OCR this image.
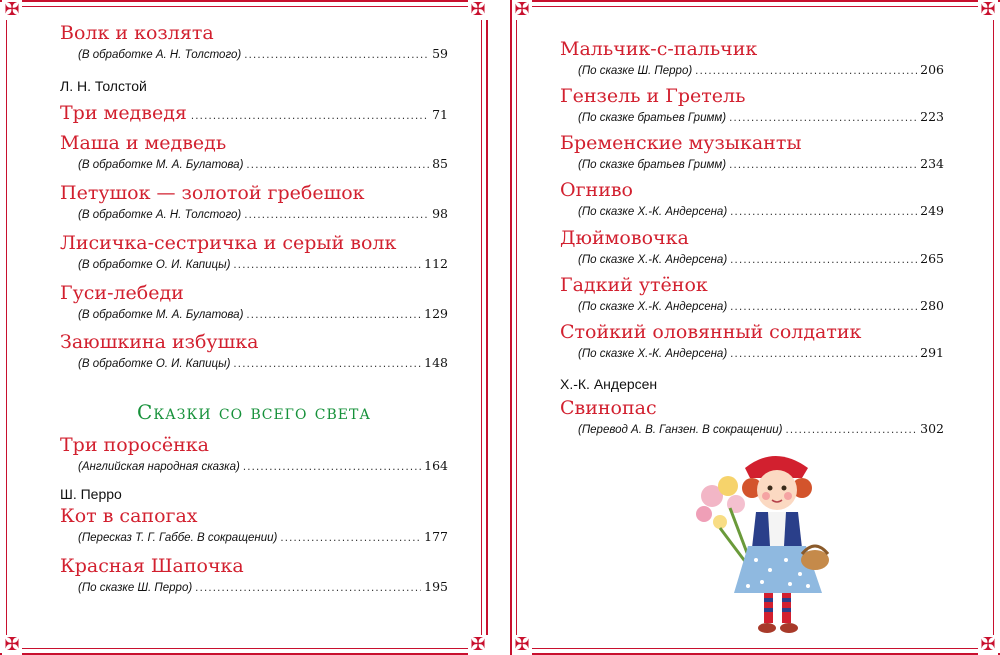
✠ ✠
✠ ✠
✠
✠
✠
✠
Волк и козлята
(В обработке А. Н. Толстого) .....	59
Л. Н. Толстой
Три медведя .....	71
Маша и медведь
(В обработке М. А. Булатова) .....	85
Петушок — золотой гребешок
(В обработке А. Н. Толстого) .....	98
Лисичка-сестричка и серый волк
(В обработке О. И. Капицы) .....	112
Гуси-лебеди
(В обработке М. А. Булатова) .....	129
Заюшкина избушка
(В обработке О. И. Капицы) .....	148
Сказки со всего света
Три поросёнка
(Английская народная сказка) .....	164
Ш. Перро
Кот в сапогах
(Пересказ Т. Г. Габбе. В сокращении) .....	177
Красная Шапочка
(По сказке Ш. Перро) .....	195
Мальчик-с-пальчик
(По сказке Ш. Перро) .....	206
Гензель и Гретель
(По сказке братьев Гримм) .....	223
Бременские музыканты
(По сказке братьев Гримм) .....	234
Огниво
(По сказке Х.-К. Андерсена) .....	249
Дюймовочка
(По сказке Х.-К. Андерсена) .....	265
Гадкий утёнок
(По сказке Х.-К. Андерсена) .....	280
Стойкий оловянный солдатик
(По сказке Х.-К. Андерсена) .....	291
Х.-К. Андерсен
Свинопас
(Перевод А. В. Ганзен. В сокращении) .....	302
